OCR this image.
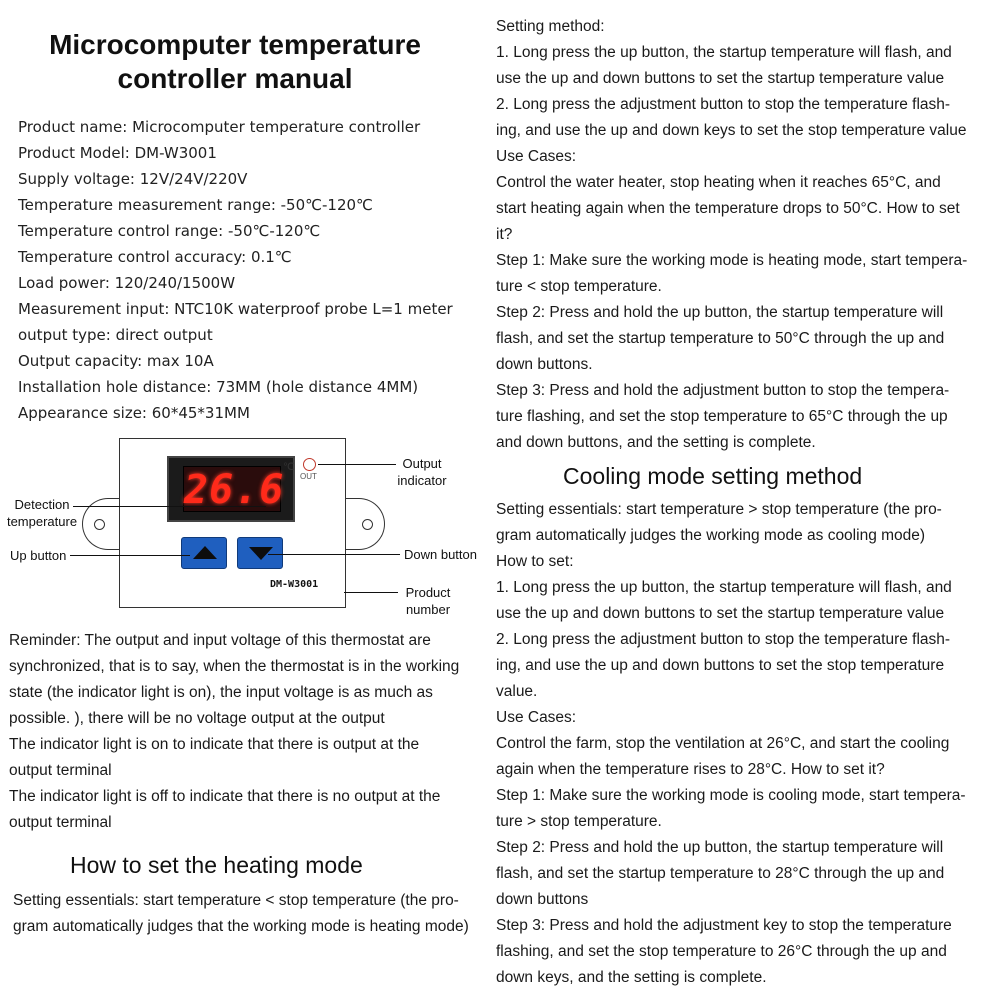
Microcomputer temperature
controller manual
Product name: Microcomputer temperature controller
Product Model: DM-W3001
Supply voltage: 12V/24V/220V
Temperature measurement range: -50℃-120℃
Temperature control range: -50℃-120℃
Temperature control accuracy: 0.1℃
Load power: 120/240/1500W
Measurement input: NTC10K waterproof probe L=1 meter
output type: direct output
Output capacity: max 10A
Installation hole distance: 73MM (hole distance 4MM)
Appearance size: 60*45*31MM
26.6
℃
OUT
DM-W3001
Detection temperature
Up button
Output indicator
Down button
Product number
Reminder: The output and input voltage of this thermostat are
synchronized, that is to say, when the thermostat is in the working
state (the indicator light is on), the input voltage is as much as
possible. ), there will be no voltage output at the output
The indicator light is on to indicate that there is output at the
output terminal
The indicator light is off to indicate that there is no output at the
output terminal
How to set the heating mode
Setting essentials: start temperature < stop temperature (the pro-
gram automatically judges that the working mode is heating mode)
Setting method:
1. Long press the up button, the startup temperature will flash, and
use the up and down buttons to set the startup temperature value
2. Long press the adjustment button to stop the temperature flash-
ing, and use the up and down keys to set the stop temperature value
Use Cases:
Control the water heater, stop heating when it reaches 65°C, and
start heating again when the temperature drops to 50°C. How to set
it?
Step 1: Make sure the working mode is heating mode, start tempera-
ture < stop temperature.
Step 2: Press and hold the up button, the startup temperature will
flash, and set the startup temperature to 50°C through the up and
down buttons.
Step 3: Press and hold the adjustment button to stop the tempera-
ture flashing, and set the stop temperature to 65°C through the up
and down buttons, and the setting is complete.
Cooling mode setting method
Setting essentials: start temperature > stop temperature (the pro-
gram automatically judges the working mode as cooling mode)
How to set:
1. Long press the up button, the startup temperature will flash, and
use the up and down buttons to set the startup temperature value
2. Long press the adjustment button to stop the temperature flash-
ing, and use the up and down buttons to set the stop temperature
value.
Use Cases:
Control the farm, stop the ventilation at 26°C, and start the cooling
again when the temperature rises to 28°C. How to set it?
Step 1: Make sure the working mode is cooling mode, start tempera-
ture > stop temperature.
Step 2: Press and hold the up button, the startup temperature will
flash, and set the startup temperature to 28°C through the up and
down buttons
Step 3: Press and hold the adjustment key to stop the temperature
flashing, and set the stop temperature to 26°C through the up and
down keys, and the setting is complete.
